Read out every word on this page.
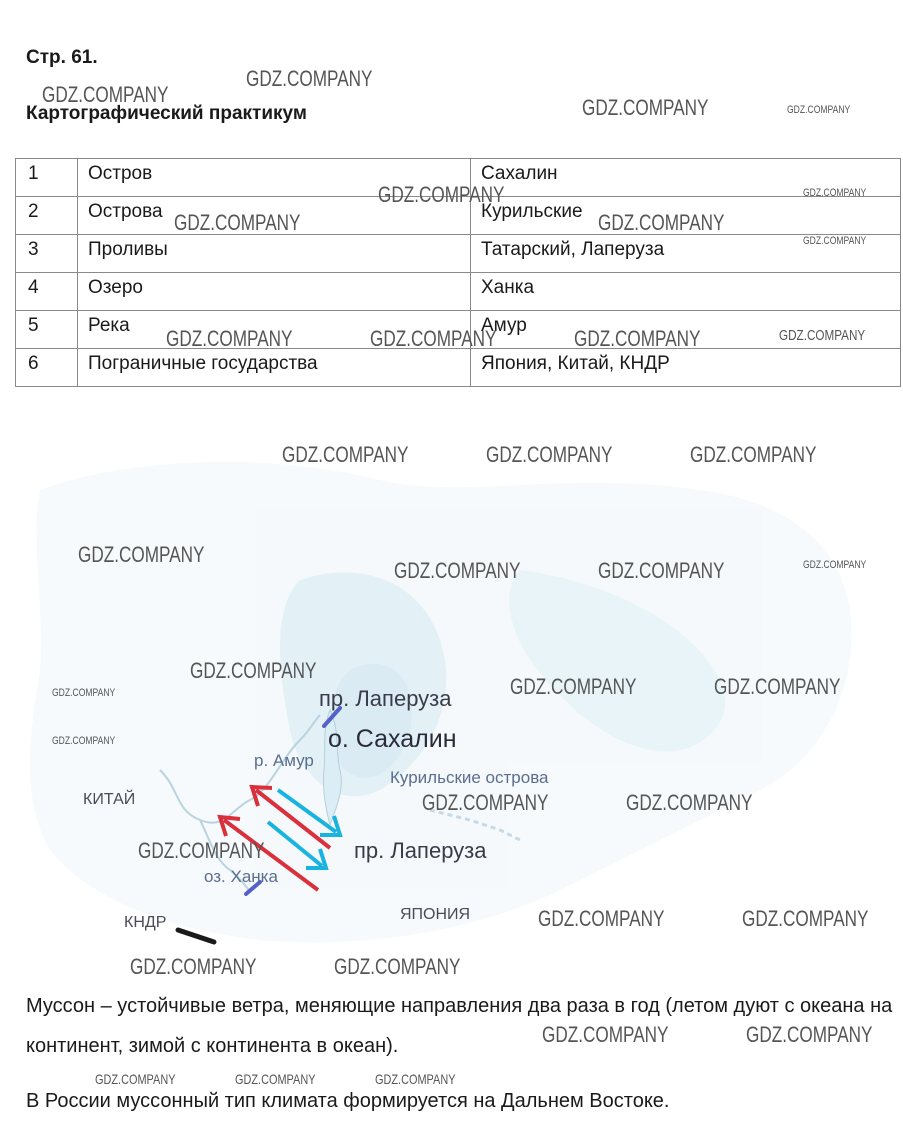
Стр. 61.
Картографический практикум
1	Остров	Сахалин
2	Острова	Курильские
3	Проливы	Татарский, Лаперуза
4	Озеро	Ханка
5	Река	Амур
6	Пограничные государства	Япония, Китай, КНДР
пр. Лаперуза
о. Сахалин
р. Амур
Курильские острова
КИТАЙ
пр. Лаперуза
оз. Ханка
ЯПОНИЯ
КНДР

Муссон – устойчивые ветра, меняющие направления два раза в год (летом дуют с океана на континент, зимой с континента в океан).

В России муссонный тип климата формируется на Дальнем Востоке.

GDZ.COMPANY
GDZ.COMPANY
GDZ.COMPANY	GDZ.COMPANY
GDZ.COMPANY	GDZ.COMPANY
GDZ.COMPANY	GDZ.COMPANY
GDZ.COMPANY
GDZ.COMPANY	GDZ.COMPANY	GDZ.COMPANY	GDZ.COMPANY
GDZ.COMPANY	GDZ.COMPANY	GDZ.COMPANY
GDZ.COMPANY
GDZ.COMPANY	GDZ.COMPANY	GDZ.COMPANY
GDZ.COMPANY
GDZ.COMPANY	GDZ.COMPANY	GDZ.COMPANY
GDZ.COMPANY
GDZ.COMPANY	GDZ.COMPANY
GDZ.COMPANY
GDZ.COMPANY	GDZ.COMPANY
GDZ.COMPANY	GDZ.COMPANY
GDZ.COMPANY	GDZ.COMPANY
GDZ.COMPANY	GDZ.COMPANY	GDZ.COMPANY
